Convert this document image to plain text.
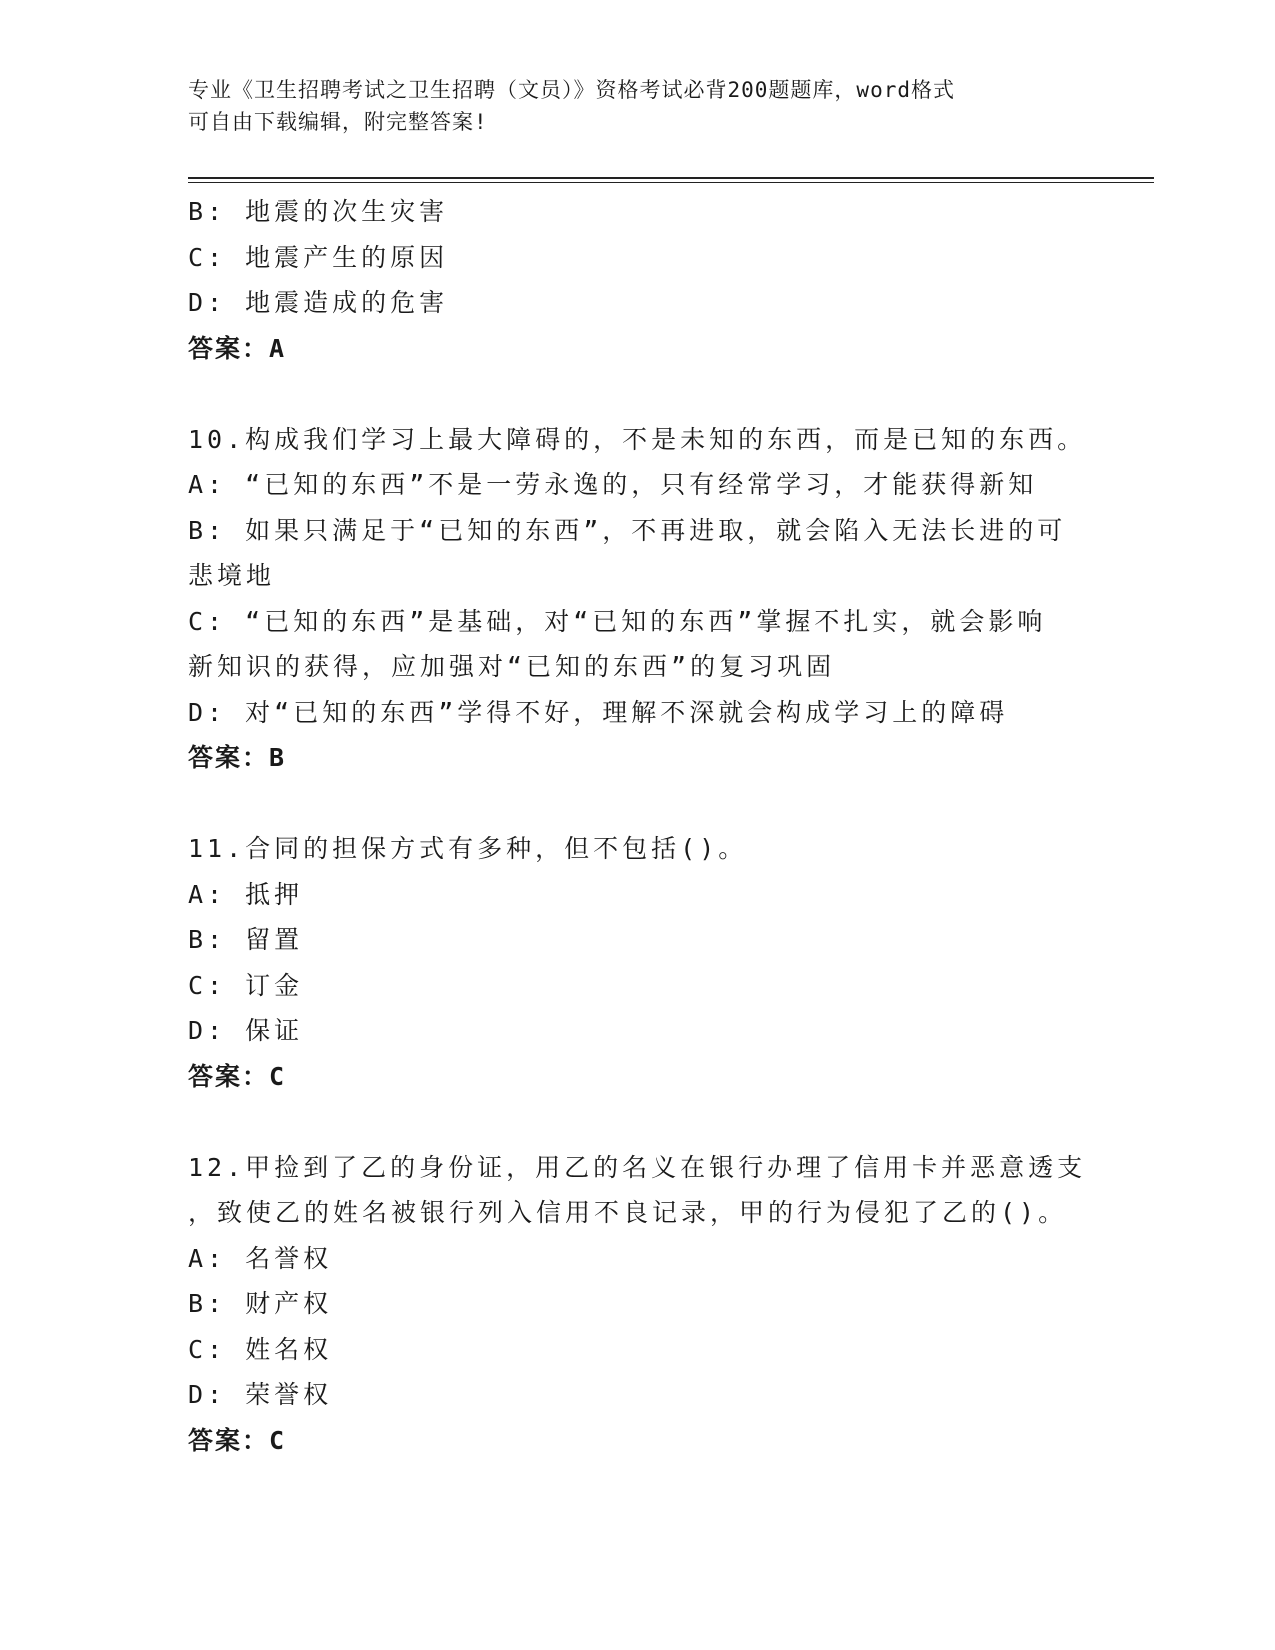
专业《卫生招聘考试之卫生招聘（文员）》资格考试必背200题题库，word格式
可自由下载编辑，附完整答案!

B: 地震的次生灾害

C: 地震产生的原因

D: 地震造成的危害

答案：A

10.构成我们学习上最大障碍的，不是未知的东西，而是已知的东西。

A: “已知的东西”不是一劳永逸的，只有经常学习，才能获得新知

B: 如果只满足于“已知的东西”，不再进取，就会陷入无法长进的可

悲境地

C: “已知的东西”是基础，对“已知的东西”掌握不扎实，就会影响

新知识的获得，应加强对“已知的东西”的复习巩固

D: 对“已知的东西”学得不好，理解不深就会构成学习上的障碍

答案：B

11.合同的担保方式有多种，但不包括()。

A: 抵押

B: 留置

C: 订金

D: 保证

答案：C

12.甲捡到了乙的身份证，用乙的名义在银行办理了信用卡并恶意透支

，致使乙的姓名被银行列入信用不良记录，甲的行为侵犯了乙的()。

A: 名誉权

B: 财产权

C: 姓名权

D: 荣誉权

答案：C
